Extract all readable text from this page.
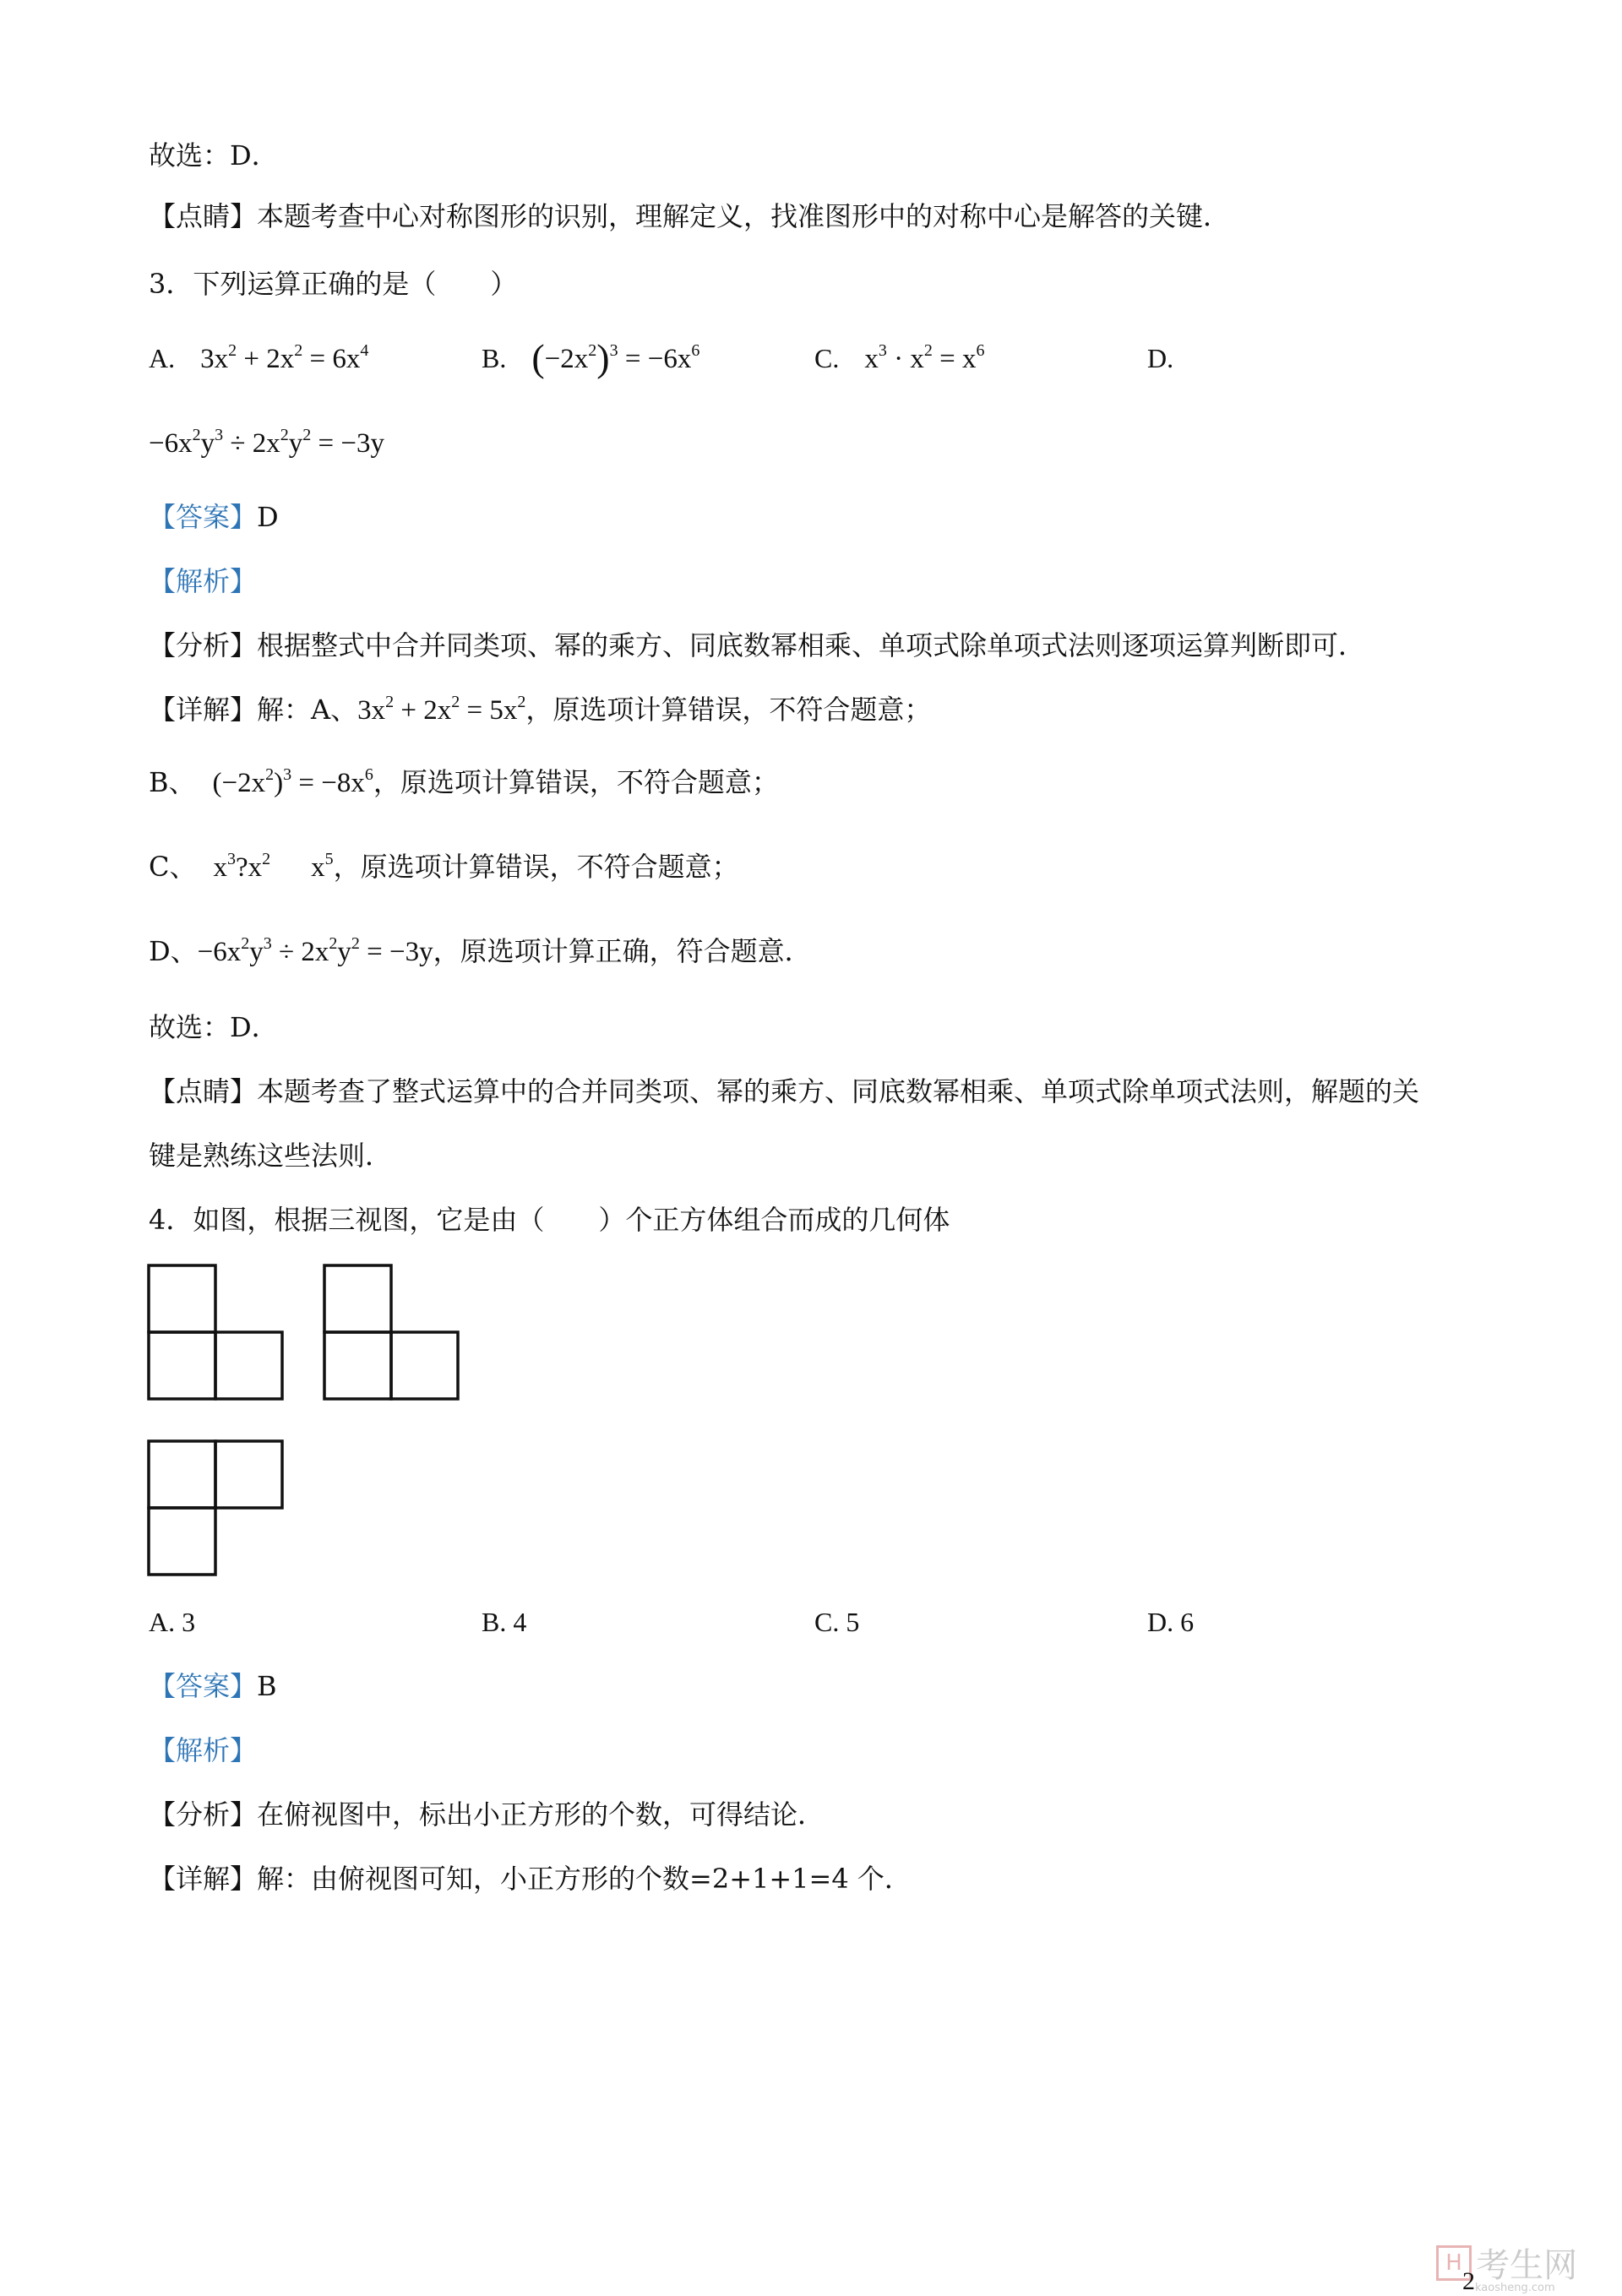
故选：D．
【点睛】本题考查中心对称图形的识别，理解定义，找准图形中的对称中心是解答的关键．
3．下列运算正确的是（　　）
A. $3x^2 + 2x^2 = 6x^4$	B. $(-2x^2)^3 = -6x^6$	C. $x^3 \cdot x^2 = x^6$	D.
$-6x^2y^3 \div 2x^2y^2 = -3y$
【答案】D
【解析】
【分析】根据整式中合并同类项、幂的乘方、同底数幂相乘、单项式除单项式法则逐项运算判断即可．
【详解】解：A、$3x^2 + 2x^2 = 5x^2$，原选项计算错误，不符合题意；
B、 $(-2x^2)^3 = -8x^6$，原选项计算错误，不符合题意；
C、 $x^3?x^2$ $x^5$，原选项计算错误，不符合题意；
D、$-6x^2y^3 \div 2x^2y^2 = -3y$，原选项计算正确，符合题意．
故选：D．
【点睛】本题考查了整式运算中的合并同类项、幂的乘方、同底数幂相乘、单项式除单项式法则，解题的关
键是熟练这些法则．
4．如图，根据三视图，它是由（　　）个正方体组合而成的几何体
A. 3	B. 4	C. 5	D. 6
【答案】B
【解析】
【分析】在俯视图中，标出小正方形的个数，可得结论．
【详解】解：由俯视图可知，小正方形的个数=2+1+1=4 个．
H 考生网
kaosheng.com
2
